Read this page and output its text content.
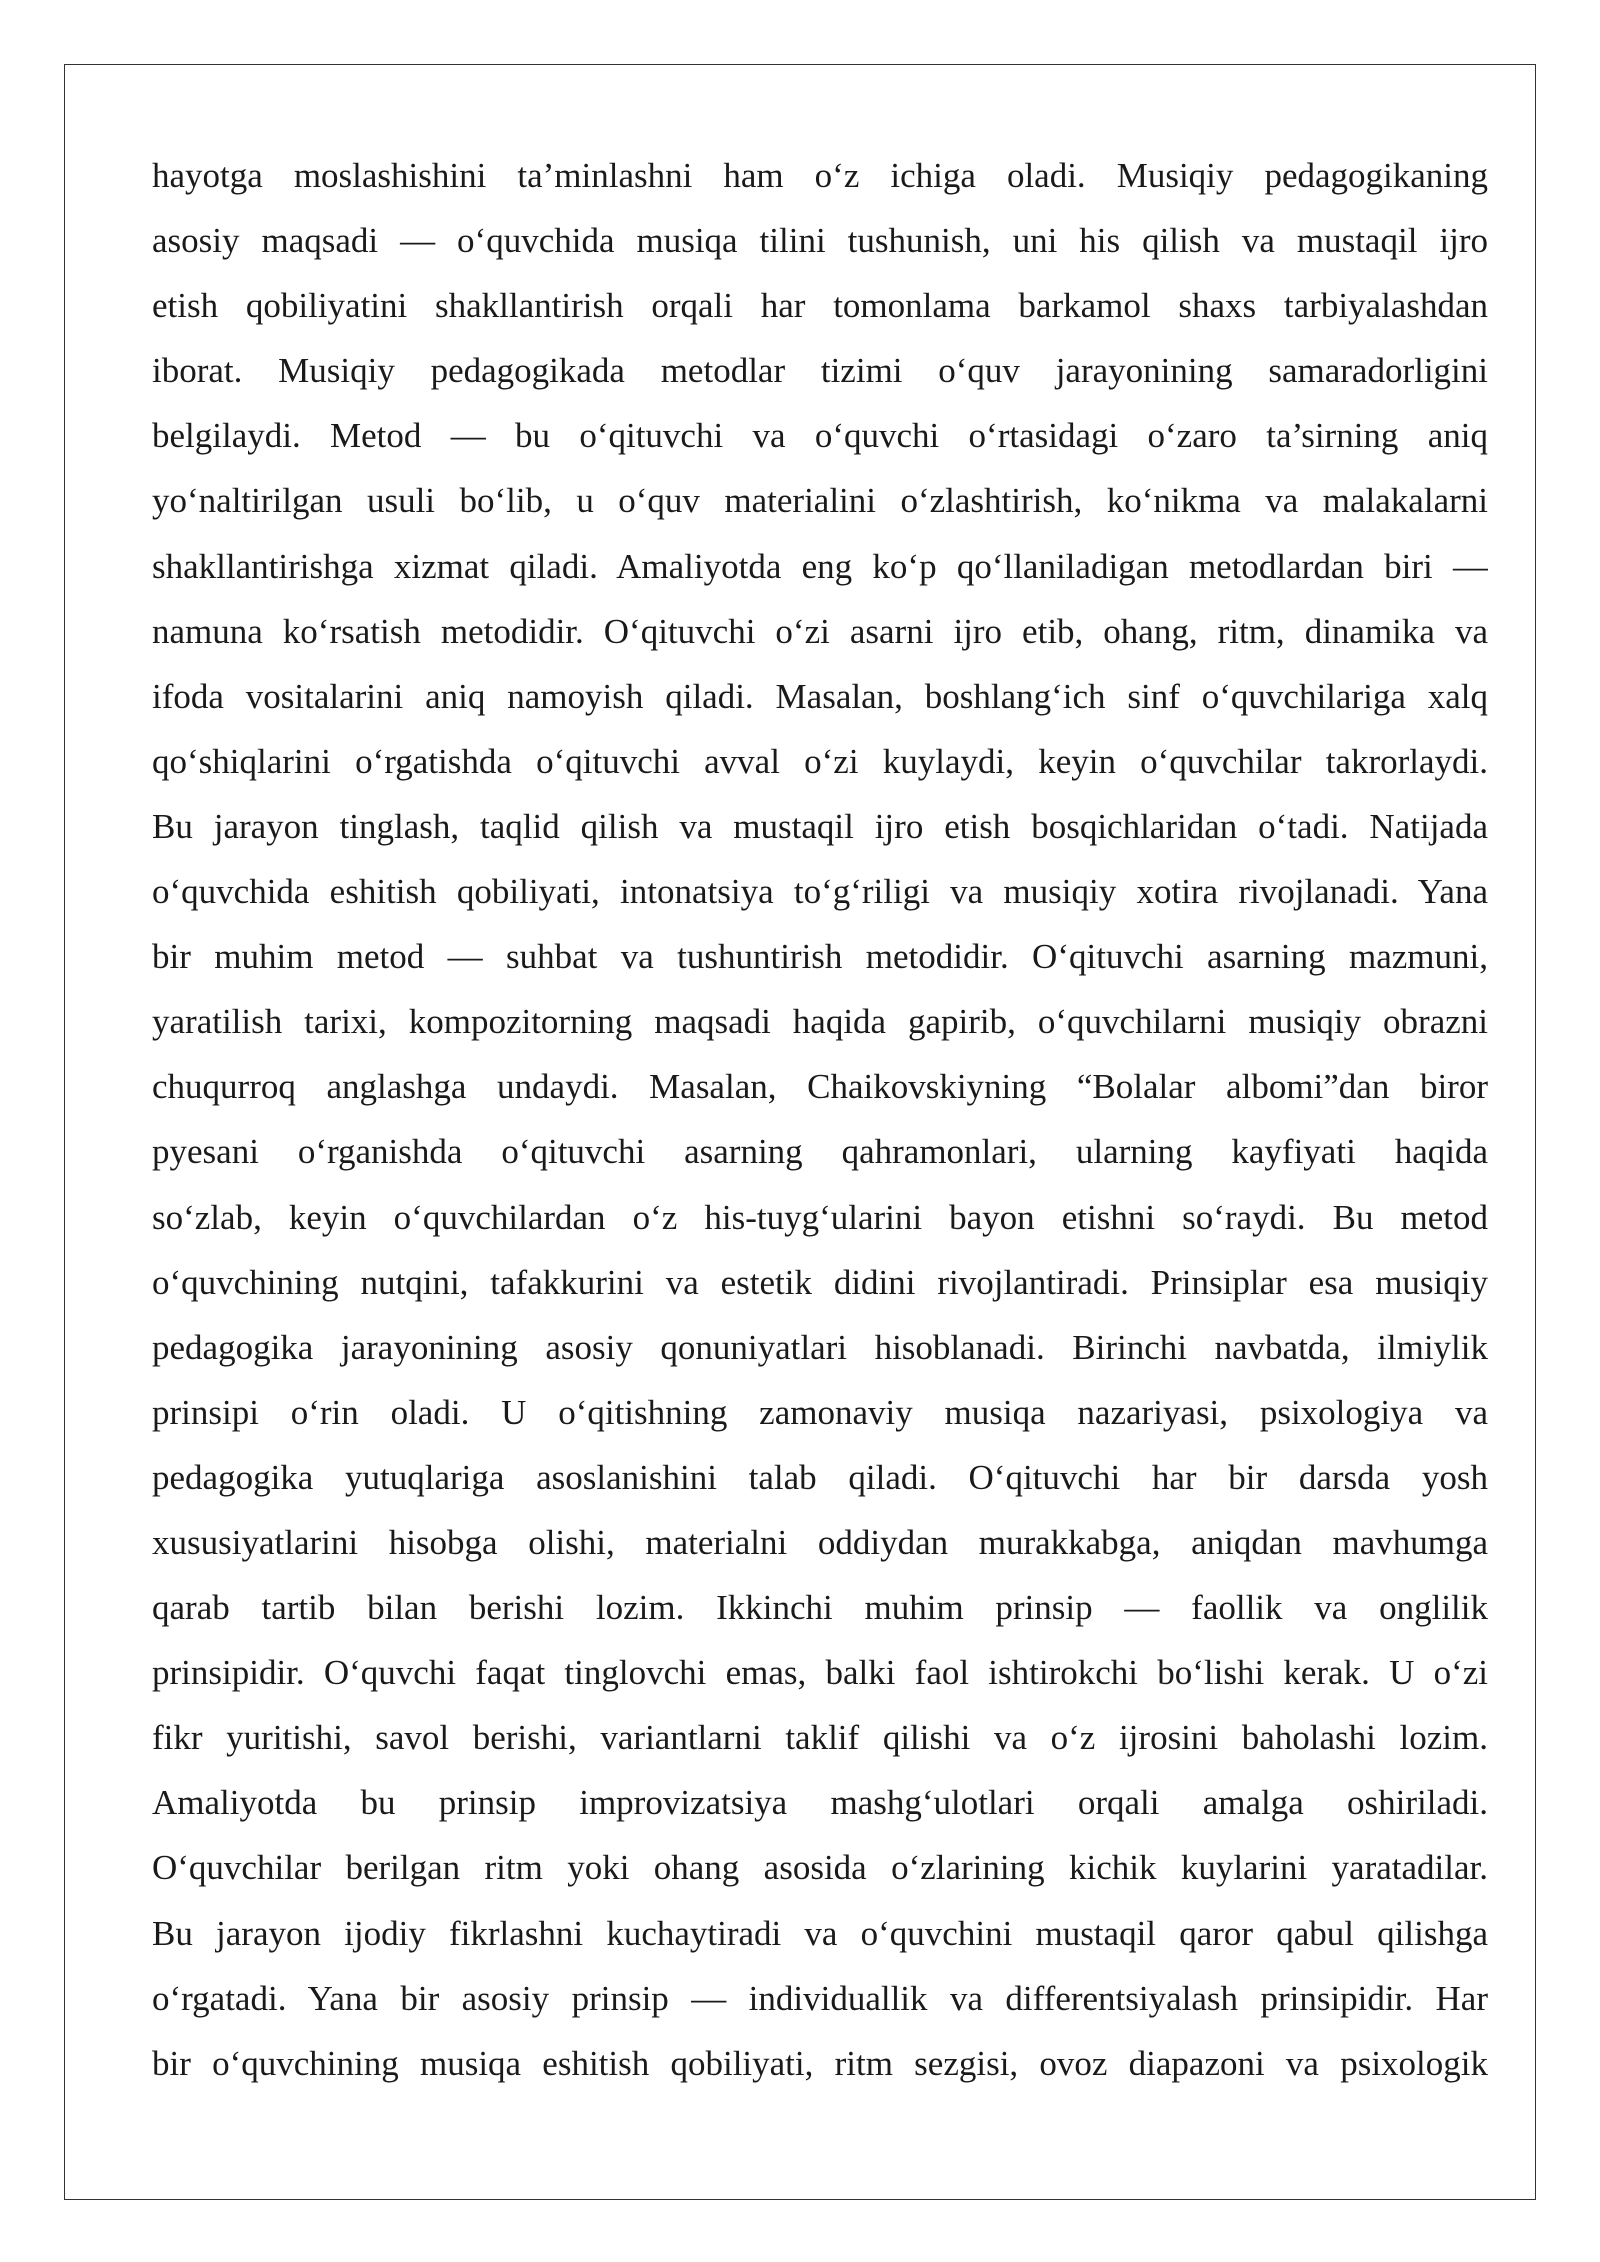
hayotga moslashishini ta’minlashni ham o‘z ichiga oladi. Musiqiy pedagogikaning
asosiy maqsadi — o‘quvchida musiqa tilini tushunish, uni his qilish va mustaqil ijro
etish qobiliyatini shakllantirish orqali har tomonlama barkamol shaxs tarbiyalashdan
iborat. Musiqiy pedagogikada metodlar tizimi o‘quv jarayonining samaradorligini
belgilaydi. Metod — bu o‘qituvchi va o‘quvchi o‘rtasidagi o‘zaro ta’sirning aniq
yo‘naltirilgan usuli bo‘lib, u o‘quv materialini o‘zlashtirish, ko‘nikma va malakalarni
shakllantirishga xizmat qiladi. Amaliyotda eng ko‘p qo‘llaniladigan metodlardan biri —
namuna ko‘rsatish metodidir. O‘qituvchi o‘zi asarni ijro etib, ohang, ritm, dinamika va
ifoda vositalarini aniq namoyish qiladi. Masalan, boshlang‘ich sinf o‘quvchilariga xalq
qo‘shiqlarini o‘rgatishda o‘qituvchi avval o‘zi kuylaydi, keyin o‘quvchilar takrorlaydi.
Bu jarayon tinglash, taqlid qilish va mustaqil ijro etish bosqichlaridan o‘tadi. Natijada
o‘quvchida eshitish qobiliyati, intonatsiya to‘g‘riligi va musiqiy xotira rivojlanadi. Yana
bir muhim metod — suhbat va tushuntirish metodidir. O‘qituvchi asarning mazmuni,
yaratilish tarixi, kompozitorning maqsadi haqida gapirib, o‘quvchilarni musiqiy obrazni
chuqurroq anglashga undaydi. Masalan, Chaikovskiyning “Bolalar albomi”dan biror
pyesani o‘rganishda o‘qituvchi asarning qahramonlari, ularning kayfiyati haqida
so‘zlab, keyin o‘quvchilardan o‘z his-tuyg‘ularini bayon etishni so‘raydi. Bu metod
o‘quvchining nutqini, tafakkurini va estetik didini rivojlantiradi. Prinsiplar esa musiqiy
pedagogika jarayonining asosiy qonuniyatlari hisoblanadi. Birinchi navbatda, ilmiylik
prinsipi o‘rin oladi. U o‘qitishning zamonaviy musiqa nazariyasi, psixologiya va
pedagogika yutuqlariga asoslanishini talab qiladi. O‘qituvchi har bir darsda yosh
xususiyatlarini hisobga olishi, materialni oddiydan murakkabga, aniqdan mavhumga
qarab tartib bilan berishi lozim. Ikkinchi muhim prinsip — faollik va onglilik
prinsipidir. O‘quvchi faqat tinglovchi emas, balki faol ishtirokchi bo‘lishi kerak. U o‘zi
fikr yuritishi, savol berishi, variantlarni taklif qilishi va o‘z ijrosini baholashi lozim.
Amaliyotda bu prinsip improvizatsiya mashg‘ulotlari orqali amalga oshiriladi.
O‘quvchilar berilgan ritm yoki ohang asosida o‘zlarining kichik kuylarini yaratadilar.
Bu jarayon ijodiy fikrlashni kuchaytiradi va o‘quvchini mustaqil qaror qabul qilishga
o‘rgatadi. Yana bir asosiy prinsip — individuallik va differentsiyalash prinsipidir. Har
bir o‘quvchining musiqa eshitish qobiliyati, ritm sezgisi, ovoz diapazoni va psixologik
